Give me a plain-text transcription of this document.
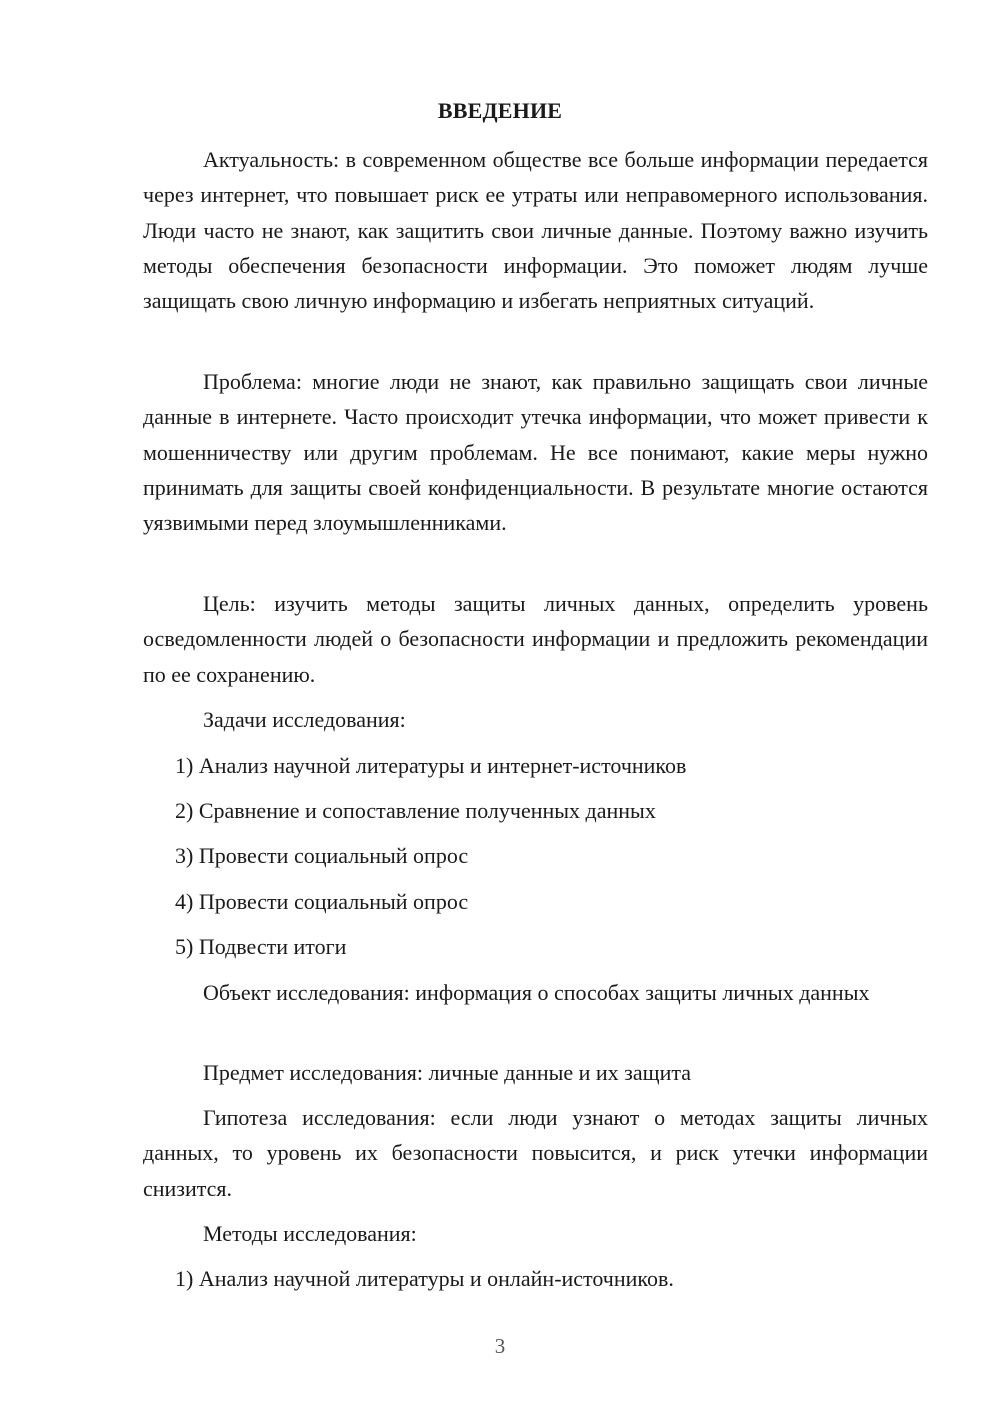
ВВЕДЕНИЕ

Актуальность: в современном обществе все больше информации передается через интернет, что повышает риск ее утраты или неправомерного использования. Люди часто не знают, как защитить свои личные данные. Поэтому важно изучить методы обеспечения безопасности информации. Это поможет людям лучше защищать свою личную информацию и избегать неприятных ситуаций.

Проблема: многие люди не знают, как правильно защищать свои личные данные в интернете. Часто происходит утечка информации, что может привести к мошенничеству или другим проблемам. Не все понимают, какие меры нужно принимать для защиты своей конфиденциальности. В результате многие остаются уязвимыми перед злоумышленниками.

Цель: изучить методы защиты личных данных, определить уровень осведомленности людей о безопасности информации и предложить рекомендации по ее сохранению.

Задачи исследования:

1) Анализ научной литературы и интернет-источников

2) Сравнение и сопоставление полученных данных

3) Провести социальный опрос

4) Провести социальный опрос

5) Подвести итоги

Объект исследования: информация о способах защиты личных данных

Предмет исследования: личные данные и их защита

Гипотеза исследования: если люди узнают о методах защиты личных данных, то уровень их безопасности повысится, и риск утечки информации снизится.

Методы исследования:

1) Анализ научной литературы и онлайн-источников.

3
